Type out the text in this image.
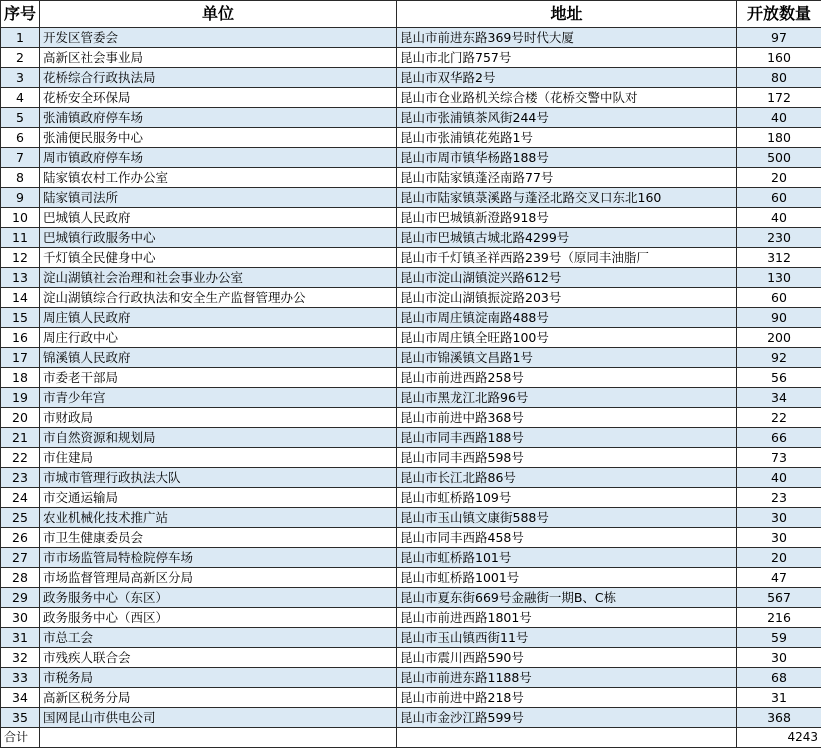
序号	单位	地址	开放数量
1	开发区管委会	昆山市前进东路369号时代大厦	97
2	高新区社会事业局	昆山市北门路757号	160
3	花桥综合行政执法局	昆山市双华路2号	80
4	花桥安全环保局	昆山市仓业路机关综合楼（花桥交警中队对	172
5	张浦镇政府停车场	昆山市张浦镇茶风街244号	40
6	张浦便民服务中心	昆山市张浦镇花苑路1号	180
7	周市镇政府停车场	昆山市周市镇华杨路188号	500
8	陆家镇农村工作办公室	昆山市陆家镇蓬泾南路77号	20
9	陆家镇司法所	昆山市陆家镇菉溪路与蓬泾北路交叉口东北160	60
10	巴城镇人民政府	昆山市巴城镇新澄路918号	40
11	巴城镇行政服务中心	昆山市巴城镇古城北路4299号	230
12	千灯镇全民健身中心	昆山市千灯镇圣祥西路239号（原同丰油脂厂	312
13	淀山湖镇社会治理和社会事业办公室	昆山市淀山湖镇淀兴路612号	130
14	淀山湖镇综合行政执法和安全生产监督管理办公	昆山市淀山湖镇振淀路203号	60
15	周庄镇人民政府	昆山市周庄镇淀南路488号	90
16	周庄行政中心	昆山市周庄镇全旺路100号	200
17	锦溪镇人民政府	昆山市锦溪镇文昌路1号	92
18	市委老干部局	昆山市前进西路258号	56
19	市青少年宫	昆山市黑龙江北路96号	34
20	市财政局	昆山市前进中路368号	22
21	市自然资源和规划局	昆山市同丰西路188号	66
22	市住建局	昆山市同丰西路598号	73
23	市城市管理行政执法大队	昆山市长江北路86号	40
24	市交通运输局	昆山市虹桥路109号	23
25	农业机械化技术推广站	昆山市玉山镇文康街588号	30
26	市卫生健康委员会	昆山市同丰西路458号	30
27	市市场监管局特检院停车场	昆山市虹桥路101号	20
28	市场监督管理局高新区分局	昆山市虹桥路1001号	47
29	政务服务中心（东区）	昆山市夏东街669号金融街一期B、C栋	567
30	政务服务中心（西区）	昆山市前进西路1801号	216
31	市总工会	昆山市玉山镇西街11号	59
32	市残疾人联合会	昆山市震川西路590号	30
33	市税务局	昆山市前进东路1188号	68
34	高新区税务分局	昆山市前进中路218号	31
35	国网昆山市供电公司	昆山市金沙江路599号	368
合计			4243
